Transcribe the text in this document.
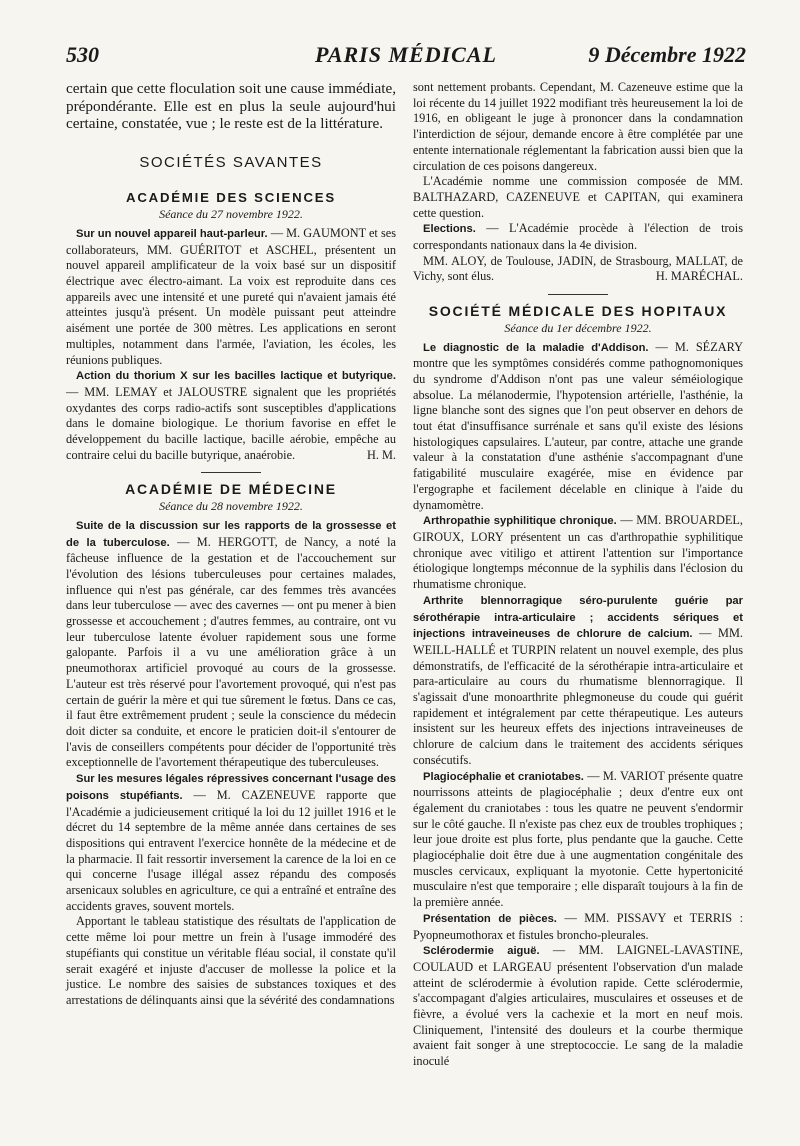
530	PARIS MÉDICAL	9 Décembre 1922

certain que cette floculation soit une cause immédiate, prépondérante. Elle est en plus la seule aujourd'hui certaine, constatée, vue ; le reste est de la littérature.

SOCIÉTÉS SAVANTES
ACADÉMIE DES SCIENCES
Séance du 27 novembre 1922.

Sur un nouvel appareil haut-parleur. — M. GAUMONT et ses collaborateurs, MM. GUÉRITOT et ASCHEL, présentent un nouvel appareil amplificateur de la voix basé sur un dispositif électrique avec électro-aimant. La voix est reproduite dans ces appareils avec une intensité et une pureté qui n'avaient jamais été atteintes jusqu'à présent. Un modèle puissant peut atteindre aisément une portée de 300 mètres. Les applications en seront multiples, notamment dans l'armée, l'aviation, les écoles, les réunions publiques.

Action du thorium X sur les bacilles lactique et butyrique. — MM. LEMAY et JALOUSTRE signalent que les propriétés oxydantes des corps radio-actifs sont susceptibles d'applications dans le domaine biologique. Le thorium favorise en effet le développement du bacille lactique, bacille aérobie, empêche au contraire celui du bacille butyrique, anaérobie.	H. M.

ACADÉMIE DE MÉDECINE
Séance du 28 novembre 1922.

Suite de la discussion sur les rapports de la grossesse et de la tuberculose. — M. HERGOTT, de Nancy, a noté la fâcheuse influence de la gestation et de l'accouchement sur l'évolution des lésions tuberculeuses pour certaines malades, influence qui n'est pas générale, car des femmes très avancées dans leur tuberculose — avec des cavernes — ont pu mener à bien grossesse et accouchement ; d'autres femmes, au contraire, ont vu leur tuberculose latente évoluer rapidement sous une forme galopante. Parfois il a vu une amélioration grâce à un pneumothorax artificiel provoqué au cours de la grossesse. L'auteur est très réservé pour l'avortement provoqué, qui n'est pas certain de guérir la mère et qui tue sûrement le fœtus. Dans ce cas, il faut être extrêmement prudent ; seule la conscience du médecin doit dicter sa conduite, et encore le praticien doit-il s'entourer de l'avis de conseillers compétents pour décider de l'opportunité très exceptionnelle de l'avortement thérapeutique des tuberculeuses.

Sur les mesures légales répressives concernant l'usage des poisons stupéfiants. — M. CAZENEUVE rapporte que l'Académie a judicieusement critiqué la loi du 12 juillet 1916 et le décret du 14 septembre de la même année dans certaines de ses dispositions qui entravent l'exercice honnête de la médecine et de la pharmacie. Il fait ressortir inversement la carence de la loi en ce qui concerne l'usage illégal assez répandu des composés arsenicaux solubles en agriculture, ce qui a entraîné et entraîne des accidents graves, souvent mortels.

Apportant le tableau statistique des résultats de l'application de cette même loi pour mettre un frein à l'usage immodéré des stupéfiants qui constitue un véritable fléau social, il constate qu'il serait exagéré et injuste d'accuser de mollesse la police et la justice. Le nombre des saisies de substances toxiques et des arrestations de délinquants ainsi que la sévérité des condamnations

sont nettement probants. Cependant, M. Cazeneuve estime que la loi récente du 14 juillet 1922 modifiant très heureusement la loi de 1916, en obligeant le juge à prononcer dans la condamnation l'interdiction de séjour, demande encore à être complétée par une entente internationale réglementant la fabrication aussi bien que la circulation de ces poisons dangereux.

L'Académie nomme une commission composée de MM. BALTHAZARD, CAZENEUVE et CAPITAN, qui examinera cette question.

Elections. — L'Académie procède à l'élection de trois correspondants nationaux dans la 4e division.

MM. ALOY, de Toulouse, JADIN, de Strasbourg, MALLAT, de Vichy, sont élus.	H. MARÉCHAL.

SOCIÉTÉ MÉDICALE DES HOPITAUX
Séance du 1er décembre 1922.

Le diagnostic de la maladie d'Addison. — M. SÉZARY montre que les symptômes considérés comme pathognomoniques du syndrome d'Addison n'ont pas une valeur séméiologique absolue. La mélanodermie, l'hypotension artérielle, l'asthénie, la ligne blanche sont des signes que l'on peut observer en dehors de tout état d'insuffisance surrénale et sans qu'il existe des lésions histologiques capsulaires. L'auteur, par contre, attache une grande valeur à la constatation d'une asthénie s'accompagnant d'une fatigabilité musculaire exagérée, mise en évidence par l'ergographe et facilement décelable en clinique à l'aide du dynamomètre.

Arthropathie syphilitique chronique. — MM. BROUARDEL, GIROUX, LORY présentent un cas d'arthropathie syphilitique chronique avec vitiligo et attirent l'attention sur l'importance étiologique longtemps méconnue de la syphilis dans l'éclosion du rhumatisme chronique.

Arthrite blennorragique séro-purulente guérie par sérothérapie intra-articulaire ; accidents sériques et injections intraveineuses de chlorure de calcium. — MM. WEILL-HALLÉ et TURPIN relatent un nouvel exemple, des plus démonstratifs, de l'efficacité de la sérothérapie intra-articulaire et para-articulaire au cours du rhumatisme blennorragique. Il s'agissait d'une monoarthrite phlegmoneuse du coude qui guérit rapidement et intégralement par cette thérapeutique. Les auteurs insistent sur les heureux effets des injections intraveineuses de chlorure de calcium dans le traitement des accidents sériques consécutifs.

Plagiocéphalie et craniotabes. — M. VARIOT présente quatre nourrissons atteints de plagiocéphalie ; deux d'entre eux ont également du craniotabes : tous les quatre ne peuvent s'endormir sur le côté gauche. Il n'existe pas chez eux de troubles trophiques ; leur joue droite est plus forte, plus pendante que la gauche. Cette plagiocéphalie doit être due à une augmentation congénitale des muscles cervicaux, expliquant la myotonie. Cette hypertonicité musculaire n'est que temporaire ; elle disparaît toujours à la fin de la première année.

Présentation de pièces. — MM. PISSAVY et TERRIS : Pyopneumothorax et fistules broncho-pleurales.

Sclérodermie aiguë. — MM. LAIGNEL-LAVASTINE, COULAUD et LARGEAU présentent l'observation d'un malade atteint de sclérodermie à évolution rapide. Cette sclérodermie, s'accompagant d'algies articulaires, musculaires et osseuses et de fièvre, a évolué vers la cachexie et la mort en neuf mois. Cliniquement, l'intensité des douleurs et la courbe thermique avaient fait songer à une streptococcie. Le sang de la maladie inoculé
